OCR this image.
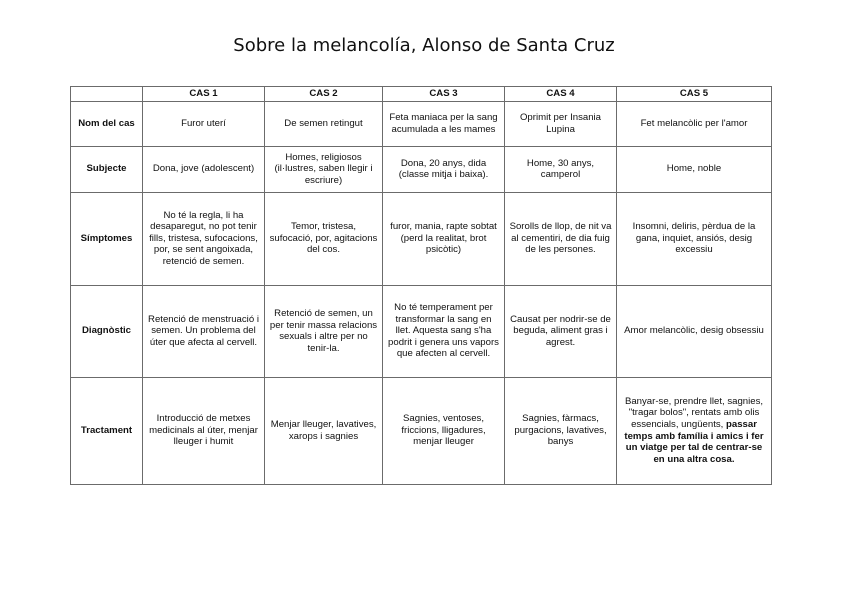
Sobre la melancolía, Alonso de Santa Cruz
	CAS 1	CAS 2	CAS 3	CAS 4	CAS 5
Nom del cas	Furor uterí	De semen retingut	Feta maniaca per la sang acumulada a les mames	Oprimit per Insania Lupina	Fet melancòlic per l'amor
Subjecte	Dona, jove (adolescent)	Homes, religiosos (il·lustres, saben llegir i escriure)	Dona, 20 anys, dida (classe mitja i baixa).	Home, 30 anys, camperol	Home, noble
Símptomes	No té la regla, li ha desaparegut, no pot tenir fills, tristesa, sufocacions, por, se sent angoixada, retenció de semen.	Temor, tristesa, sufocació, por, agitacions del cos.	furor, mania, rapte sobtat (perd la realitat, brot psicòtic)	Sorolls de llop, de nit va al cementiri, de dia fuig de les persones.	Insomni, deliris, pèrdua de la gana, inquiet, ansiós, desig excessiu
Diagnòstic	Retenció de menstruació i semen. Un problema del úter que afecta al cervell.	Retenció de semen, un per tenir massa relacions sexuals i altre per no tenir-la.	No té temperament per transformar la sang en llet. Aquesta sang s'ha podrit i genera uns vapors que afecten al cervell.	Causat per nodrir-se de beguda, aliment gras i agrest.	Amor melancòlic, desig obsessiu
Tractament	Introducció de metxes medicinals al úter, menjar lleuger i humit	Menjar lleuger, lavatives, xarops i sagnies	Sagnies, ventoses, friccions, lligadures, menjar lleuger	Sagnies, fàrmacs, purgacions, lavatives, banys	Banyar-se, prendre llet, sagnies, "tragar bolos", rentats amb olis essencials, ungüents, passar temps amb família i amics i fer un viatge per tal de centrar-se en una altra cosa.
